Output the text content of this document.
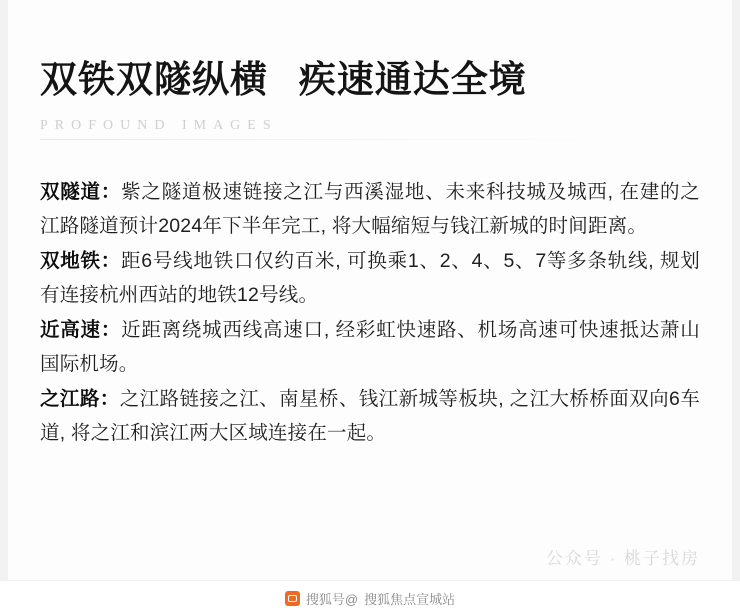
双铁双隧纵横   疾速通达全境
PROFOUND IMAGES

双隧道：紫之隧道极速链接之江与西溪湿地、未来科技城及城西, 在建的之江路隧道预计2024年下半年完工, 将大幅缩短与钱江新城的时间距离。

双地铁：距6号线地铁口仅约百米, 可换乘1、2、4、5、7等多条轨线, 规划有连接杭州西站的地铁12号线。

近高速：近距离绕城西线高速口, 经彩虹快速路、机场高速可快速抵达萧山国际机场。

之江路：之江路链接之江、南星桥、钱江新城等板块, 之江大桥桥面双向6车道, 将之江和滨江两大区域连接在一起。

公众号 · 桃子找房
搜狐号@ 搜狐焦点宣城站
